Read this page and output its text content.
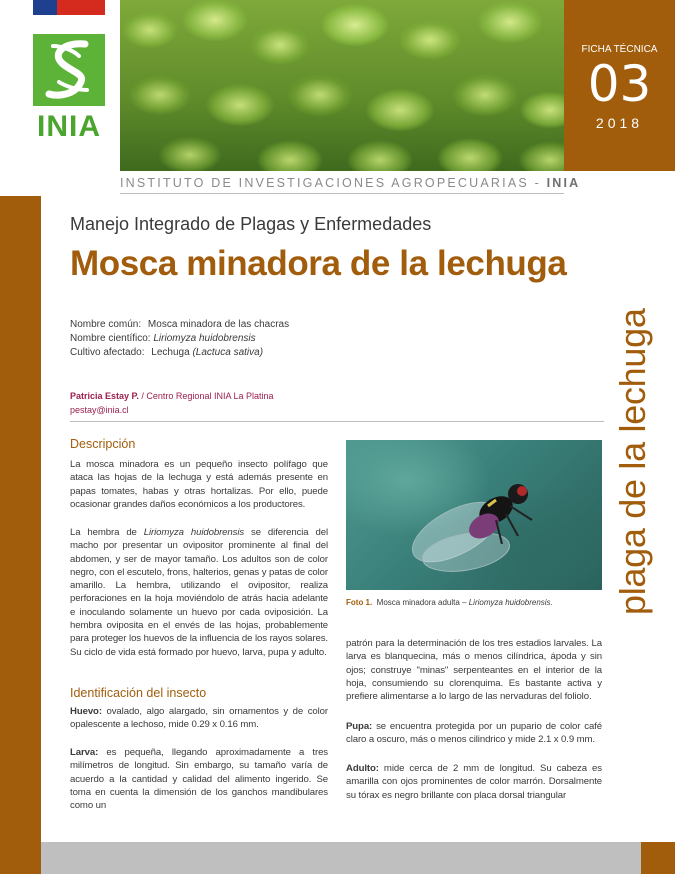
INIA
FICHA TÉCNICA
03
2018
INSTITUTO DE INVESTIGACIONES AGROPECUARIAS - INIA
plaga de la lechuga
Manejo Integrado de Plagas y Enfermedades
Mosca minadora de la lechuga
Nombre común: Mosca minadora de las chacras
Nombre científico: Liriomyza huidobrensis
Cultivo afectado: Lechuga (Lactuca sativa)
Patricia Estay P. / Centro Regional INIA La Platina
pestay@inia.cl
Descripción
La mosca minadora es un pequeño insecto polífago que ataca las hojas de la lechuga y está además presente en papas tomates, habas y otras hortalizas. Por ello, puede ocasionar grandes daños económicos a los productores.
La hembra de Liriomyza huidobrensis se diferencia del macho por presentar un ovipositor prominente al final del abdomen, y ser de mayor tamaño. Los adultos son de color negro, con el escutelo, frons, halterios, genas y patas de color amarillo. La hembra, utilizando el ovipositor, realiza perforaciones en la hoja moviéndolo de atrás hacia adelante e inoculando solamente un huevo por cada oviposición. La hembra oviposita en el envés de las hojas, probablemente para proteger los huevos de la influencia de los rayos solares. Su ciclo de vida está formado por huevo, larva, pupa y adulto.
Identificación del insecto
Huevo: ovalado, algo alargado, sin ornamentos y de color opalescente a lechoso, mide 0.29 x 0.16 mm.
Larva: es pequeña, llegando aproximadamente a tres milímetros de longitud. Sin embargo, su tamaño varía de acuerdo a la cantidad y calidad del alimento ingerido. Se toma en cuenta la dimensión de los ganchos mandibulares como un
Foto 1. Mosca minadora adulta – Liriomyza huidobrensis.
patrón para la determinación de los tres estadios larvales. La larva es blanquecina, más o menos cilíndrica, ápoda y sin ojos; construye "minas" serpenteantes en el interior de la hoja, consumiendo su clorenquima. Es bastante activa y prefiere alimentarse a lo largo de las nervaduras del foliolo.
Pupa: se encuentra protegida por un pupario de color café claro a oscuro, más o menos cilindrico y mide 2.1 x 0.9 mm.
Adulto: mide cerca de 2 mm de longitud. Su cabeza es amarilla con ojos prominentes de color marrón. Dorsalmente su tórax es negro brillante con placa dorsal triangular
